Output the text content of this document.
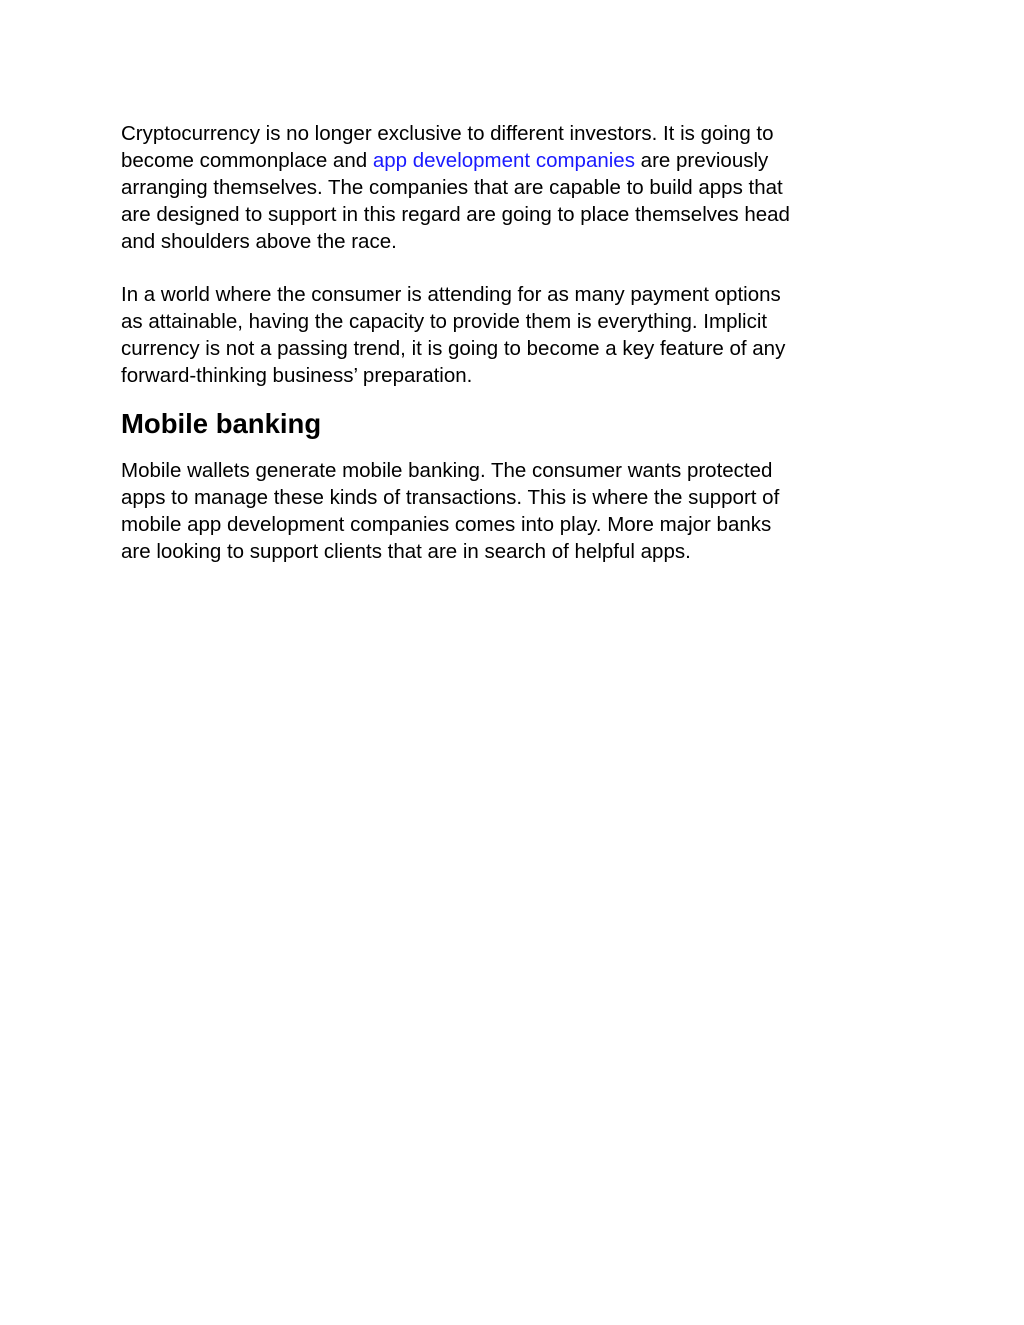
Cryptocurrency is no longer exclusive to different investors. It is going to
become commonplace and app development companies are previously
arranging themselves. The companies that are capable to build apps that
are designed to support in this regard are going to place themselves head
and shoulders above the race.

In a world where the consumer is attending for as many payment options
as attainable, having the capacity to provide them is everything. Implicit
currency is not a passing trend, it is going to become a key feature of any
forward-thinking business’ preparation.

Mobile banking

Mobile wallets generate mobile banking. The consumer wants protected
apps to manage these kinds of transactions. This is where the support of
mobile app development companies comes into play. More major banks
are looking to support clients that are in search of helpful apps.
